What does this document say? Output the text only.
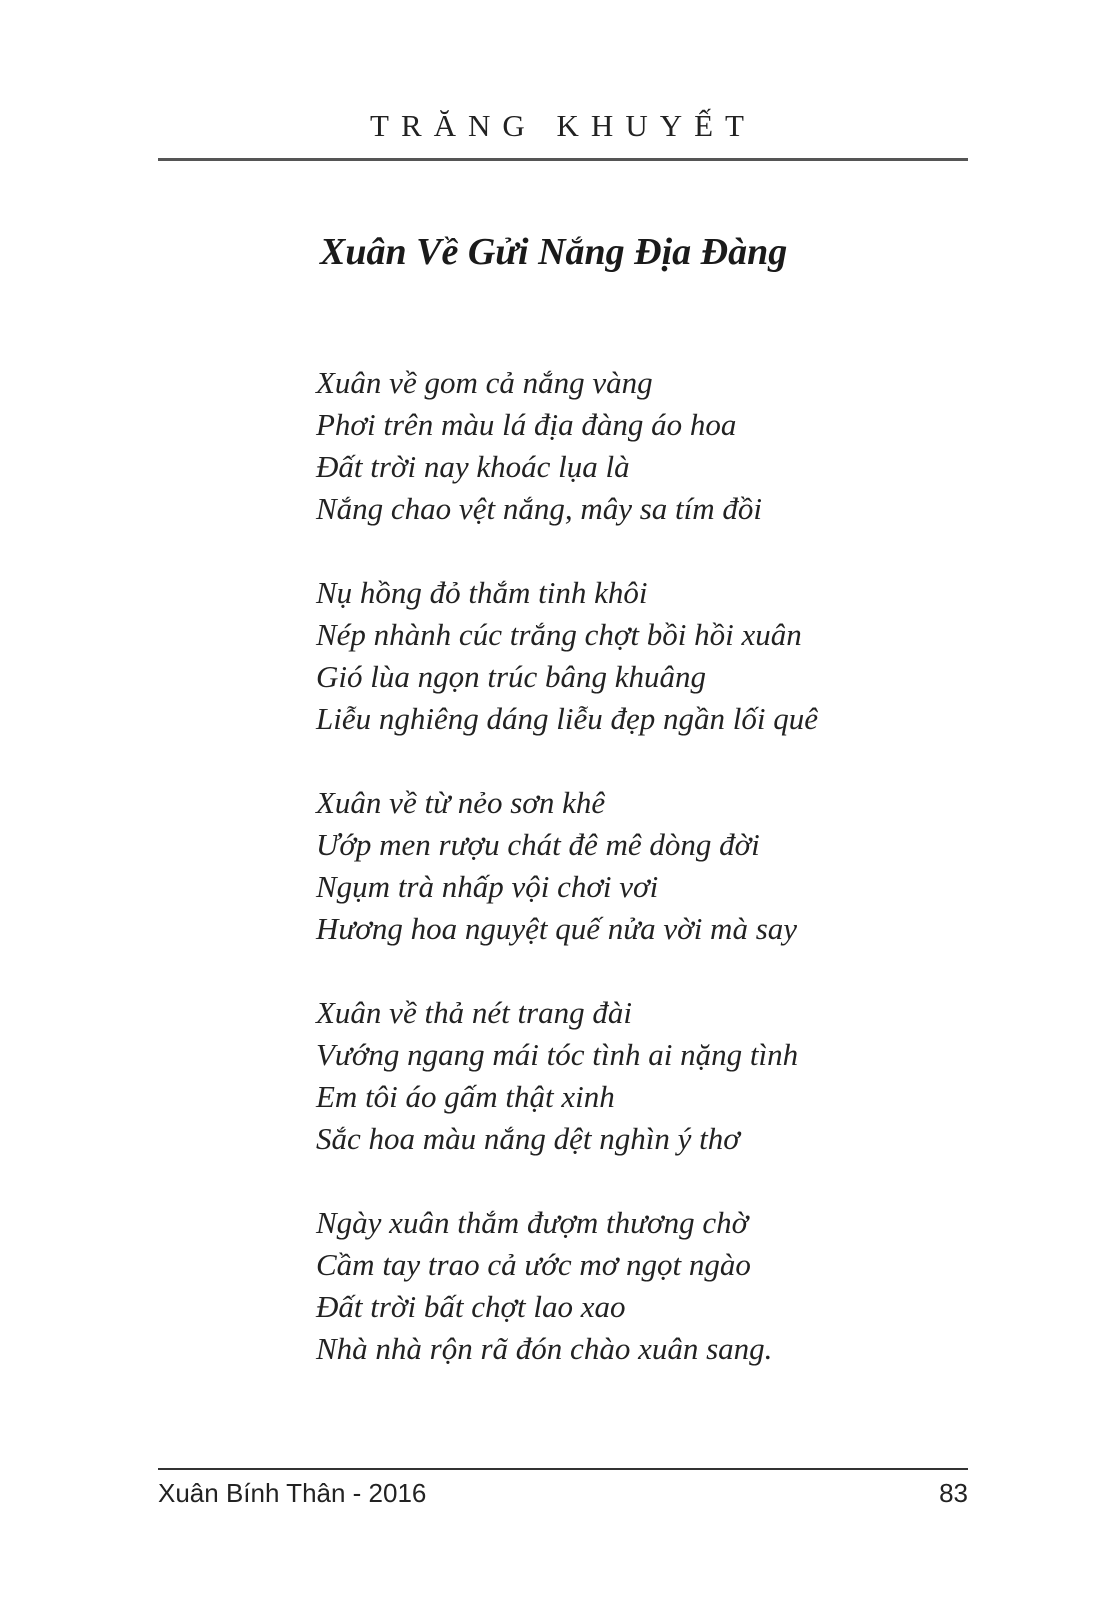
TRĂNG KHUYẾT
Xuân Về Gửi Nắng Địa Đàng
Xuân về gom cả nắng vàng
Phơi trên màu lá địa đàng áo hoa
Đất trời nay khoác lụa là
Nắng chao vệt nắng, mây sa tím đồi
Nụ hồng đỏ thắm tinh khôi
Nép nhành cúc trắng chợt bồi hồi xuân
Gió lùa ngọn trúc bâng khuâng
Liễu nghiêng dáng liễu đẹp ngần lối quê
Xuân về từ nẻo sơn khê
Ướp men rượu chát đê mê dòng đời
Ngụm trà nhấp vội chơi vơi
Hương hoa nguyệt quế nửa vời mà say
Xuân về thả nét trang đài
Vướng ngang mái tóc tình ai nặng tình
Em tôi áo gấm thật xinh
Sắc hoa màu nắng dệt nghìn ý thơ
Ngày xuân thắm đượm thương chờ
Cầm tay trao cả ước mơ ngọt ngào
Đất trời bất chợt lao xao
Nhà nhà rộn rã đón chào xuân sang.
Xuân Bính Thân - 2016	83
